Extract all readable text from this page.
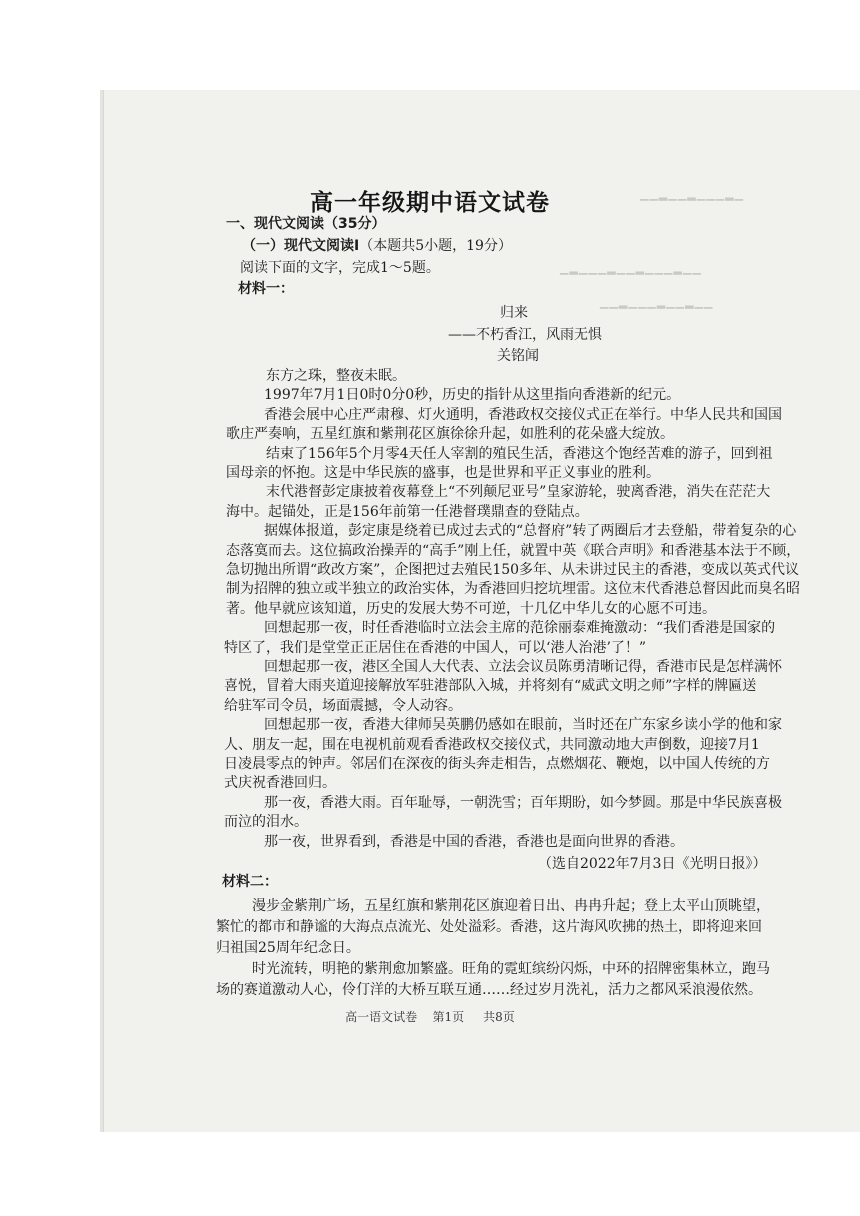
▁▁▂▁▁▂▁▁▁▂▁
▁▂▁▁▁▂▁▁▂▁▁▁▂▁▁
▁▁▂▁▁▁▂▁▁▂▁▁
高一年级期中语文试卷
一、现代文阅读（35分）
（一）现代文阅读Ⅰ（本题共5小题，19分）
阅读下面的文字，完成1～5题。
材料一：
归来
——不朽香江，风雨无惧
关铭闻
东方之珠，整夜未眠。
1997年7月1日0时0分0秒，历史的指针从这里指向香港新的纪元。
香港会展中心庄严肃穆、灯火通明，香港政权交接仪式正在举行。中华人民共和国国
歌庄严奏响，五星红旗和紫荆花区旗徐徐升起，如胜利的花朵盛大绽放。
结束了156年5个月零4天任人宰割的殖民生活，香港这个饱经苦难的游子，回到祖
国母亲的怀抱。这是中华民族的盛事，也是世界和平正义事业的胜利。
末代港督彭定康披着夜幕登上“不列颠尼亚号”皇家游轮，驶离香港，消失在茫茫大
海中。起锚处，正是156年前第一任港督璞鼎查的登陆点。
据媒体报道，彭定康是绕着已成过去式的“总督府”转了两圈后才去登船，带着复杂的心
态落寞而去。这位搞政治操弄的“高手”刚上任，就置中英《联合声明》和香港基本法于不顾，
急切抛出所谓“政改方案”，企图把过去殖民150多年、从未讲过民主的香港，变成以英式代议
制为招牌的独立或半独立的政治实体，为香港回归挖坑埋雷。这位末代香港总督因此而臭名昭
著。他早就应该知道，历史的发展大势不可逆，十几亿中华儿女的心愿不可违。
回想起那一夜，时任香港临时立法会主席的范徐丽泰难掩激动：“我们香港是国家的
特区了，我们是堂堂正正居住在香港的中国人，可以‘港人治港’了！”
回想起那一夜，港区全国人大代表、立法会议员陈勇清晰记得，香港市民是怎样满怀
喜悦，冒着大雨夹道迎接解放军驻港部队入城，并将刻有“威武文明之师”字样的牌匾送
给驻军司令员，场面震撼，令人动容。
回想起那一夜，香港大律师吴英鹏仍感如在眼前，当时还在广东家乡读小学的他和家
人、朋友一起，围在电视机前观看香港政权交接仪式，共同激动地大声倒数，迎接7月1
日凌晨零点的钟声。邻居们在深夜的街头奔走相告，点燃烟花、鞭炮，以中国人传统的方
式庆祝香港回归。
那一夜，香港大雨。百年耻辱，一朝洗雪；百年期盼，如今梦圆。那是中华民族喜极
而泣的泪水。
那一夜，世界看到，香港是中国的香港，香港也是面向世界的香港。
（选自2022年7月3日《光明日报》）
材料二：
漫步金紫荆广场，五星红旗和紫荆花区旗迎着日出、冉冉升起；登上太平山顶眺望，
繁忙的都市和静谧的大海点点流光、处处溢彩。香港，这片海风吹拂的热土，即将迎来回
归祖国25周年纪念日。
时光流转，明艳的紫荆愈加繁盛。旺角的霓虹缤纷闪烁，中环的招牌密集林立，跑马
场的赛道激动人心，伶仃洋的大桥互联互通……经过岁月洗礼，活力之都风采浪漫依然。
高一语文试卷 第1页 共8页
